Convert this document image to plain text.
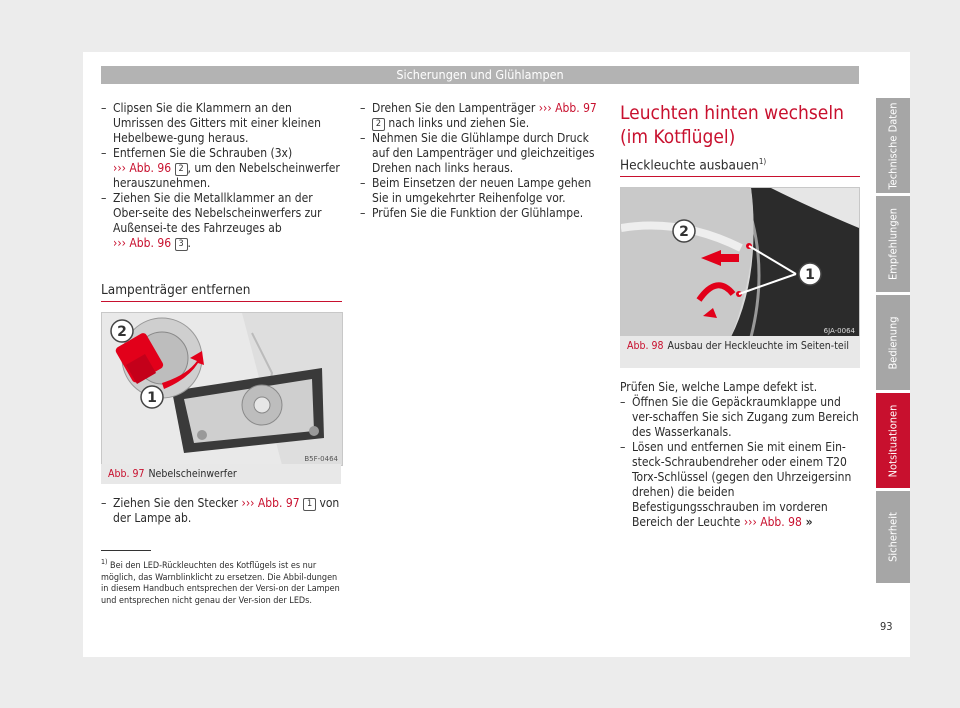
Sicherungen und Glühlampen
– Clipsen Sie die Klammern an den Umrissen des Gitters mit einer kleinen Hebelbewe-gung heraus.
– Entfernen Sie die Schrauben (3x) ››› Abb. 96 2 , um den Nebelscheinwerfer herauszunehmen.
– Ziehen Sie die Metallklammer an der Ober-seite des Nebelscheinwerfers zur Außensei-te des Fahrzeuges ab ››› Abb. 96 3 .
Lampenträger entfernen
2
1
B5F-0464
Abb. 97 Nebelscheinwerfer
– Ziehen Sie den Stecker ››› Abb. 97 1 von der Lampe ab.
– Drehen Sie den Lampenträger ››› Abb. 97 2 nach links und ziehen Sie.
– Nehmen Sie die Glühlampe durch Druck auf den Lampenträger und gleichzeitiges Drehen nach links heraus.
– Beim Einsetzen der neuen Lampe gehen Sie in umgekehrter Reihenfolge vor.
– Prüfen Sie die Funktion der Glühlampe.
Leuchten hinten wechseln (im Kotflügel)
Heckleuchte ausbauen$^{1)}$
2
1
6JA-0064
Abb. 98 Ausbau der Heckleuchte im Seiten-teil
Prüfen Sie, welche Lampe defekt ist.
– Öffnen Sie die Gepäckraumklappe und ver-schaffen Sie sich Zugang zum Bereich des Wasserkanals.
– Lösen und entfernen Sie mit einem Ein-steck-Schraubendreher oder einem T20 Torx-Schlüssel (gegen den Uhrzeigersinn drehen) die beiden Befestigungsschrauben im vorderen Bereich der Leuchte ››› Abb. 98 »
$^{1)}$ Bei den LED-Rückleuchten des Kotflügels ist es nur möglich, das Warnblinklicht zu ersetzen. Die Abbil-dungen in diesem Handbuch entsprechen der Versi-on der Lampen und entsprechen nicht genau der Ver-sion der LEDs.
Technische Daten
Empfehlungen
Bedienung
Notsituationen
Sicherheit
93
